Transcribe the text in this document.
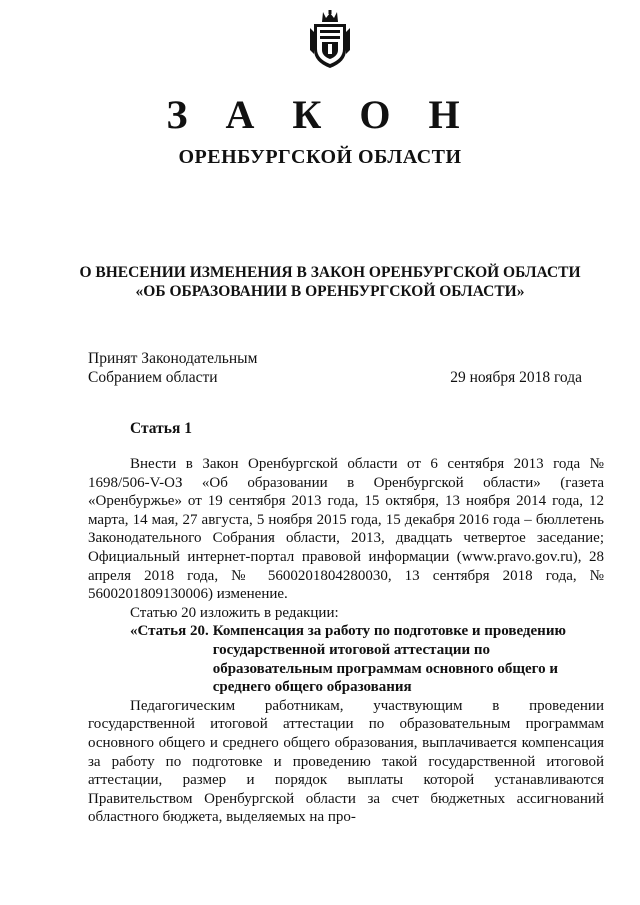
З А К О Н
ОРЕНБУРГСКОЙ ОБЛАСТИ
О ВНЕСЕНИИ ИЗМЕНЕНИЯ В ЗАКОН ОРЕНБУРГСКОЙ ОБЛАСТИ
«ОБ ОБРАЗОВАНИИ В ОРЕНБУРГСКОЙ ОБЛАСТИ»
Принят Законодательным
Собранием области	29 ноября 2018 года
Статья 1

Внести в Закон Оренбургской области от 6 сентября 2013 года № 1698/506-V-ОЗ «Об образовании в Оренбургской области» (газета «Оренбуржье» от 19 сентября 2013 года, 15 октября, 13 ноября 2014 года, 12 марта, 14 мая, 27 августа, 5 ноября 2015 года, 15 декабря 2016 года – бюллетень Законодательного Собрания области, 2013, двадцать четвертое заседание; Официальный интернет-портал правовой информации (www.pravo.gov.ru), 28 апреля 2018 года, № 5600201804280030, 13 сентября 2018 года, № 5600201809130006) изменение.

Статью 20 изложить в редакции:

«Статья 20. Компенсация за работу по подготовке и проведению государственной итоговой аттестации по образовательным программам основного общего и среднего общего образования

Педагогическим работникам, участвующим в проведении государственной итоговой аттестации по образовательным программам основного общего и среднего общего образования, выплачивается компенсация за работу по подготовке и проведению такой государственной итоговой аттестации, размер и порядок выплаты которой устанавливаются Правительством Оренбургской области за счет бюджетных ассигнований областного бюджета, выделяемых на про-
